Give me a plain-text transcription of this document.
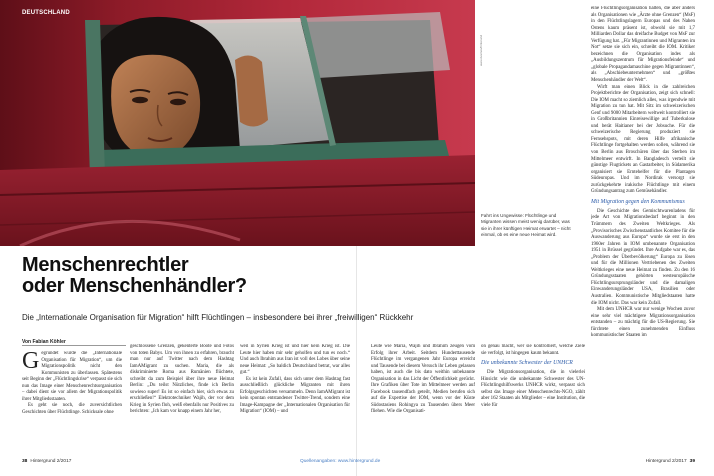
DEUTSCHLAND
www.dvamos/hinterund
Fahrt ins Ungewisse: Flüchtlinge und Migranten wissen meist wenig darüber, was sie in ihrer künftigen Heimat erwartet – nicht einmal, ob es eine neue Heimat wird.
Menschenrechtler
oder Menschenhändler?

Die „Internationale Organisation für Migration“ hilft Flüchtlingen – insbesondere bei ihrer „freiwilligen“ Rückkehr

Von Fabian Köhler

Gegründet wurde die „Internationale Organisation für Migration“, um die Migrationspolitik nicht den Kommunisten zu überlassen. Spätestens seit Beginn der „Flüchtlingskrise“ verpasst sie sich nun das Image einer Menschenrechtsorganisation – dabei dient sie vor allem der Migrationspolitik ihrer Mitgliedsstaaten.

Es geht sie noch, die zuversichtlichen Geschichten über Flüchtlinge. Schicksale ohne

geschlossene Grenzen, gekenterte Boote und Fotos von toten Babys. Um von ihnen zu erfahren, braucht man nur auf Twitter nach dem Hashtag IamAMigrant zu suchen. Maria, die als diskriminierte Roma aus Rumänien flüchtete, schreibt da zum Beispiel über ihre neue Heimat Berlin: „Du teilst Nützliches, finde ich Berlin sowieso super! Es ist so einfach hier, sich etwas zu erschließen!“ Elektrotechniker Wajih, der vor dem Krieg in Syrien floh, weiß ebenfalls nur Positives zu berichten: „Ich kam vor knapp einem Jahr her,

weil in Syrien Krieg ist und hier kein Krieg ist. Die Leute hier haben mir sehr geholfen und tun es noch.“ Und auch Ibrahim aus Iran ist voll des Lobes über seine neue Heimat: „So baldich Deutschland betrat, war alles gut.“

Es ist kein Zufall, dass sich unter dem Hashtag fast ausschließlich glückliche Migranten mit ihren Erfolgsgeschichten versammeln. Denn IamAMigrant ist kein spontan entstandener Twitter-Trend, sondern eine Image-Kampagne der „Internationalen Organisation für Migration“ (IOM) – und

Leute wie Maria, Wajih und Ibrahim zeugen vom Erfolg ihrer Arbeit. Seitdem Hunderttausende Flüchtlinge im vergangenen Jahr Europa erreicht und Tausende bei diesem Versuch ihr Leben gelassen haben, ist auch die bis dato weithin unbekannte Organisation in das Licht der Öffentlichkeit gerückt. Ihre Grafiken über Tote im Mittelmeer werden auf Facebook tausendfach geteilt, Medien berufen sich auf die Expertise der IOM, wenn vor der Küste Südostasiens Rohingya zu Tausenden übers Meer fliehen. Wie die Organisati-

on genau macht, wer sie kontrolliert, welche Ziele sie verfolgt, ist hingegen kaum bekannt.

Die unbekannte Schwester der UNHCR

Die Migrationsorganisation, die in vielerlei Hinsicht wie die unbekannte Schwester des UN-Flüchtlingshilfswerks UNHCR wirkt, verpasst sich selbst das Image einer Menschenrechts-NGO, zählt aber 162 Staaten als Mitglieder – eine Institution, die viele für

eine Flüchtlingsorganisation halten, die aber anders als Organisationen wie „Ärzte ohne Grenzen“ (MsF) in den Flüchtlingslagern Europas und des Nahen Ostens kaum präsent ist, obwohl sie mit 1,7 Milliarden Dollar das dreifache Budget von MsF zur Verfügung hat. „Für Migrantinnen und Migranten im Not“ setze sie sich ein, schreibt die IOM. Kritiker bezeichnen die Organisation indes als „Ausbildungszentrum für Migrationsfeinde“ und „globale Propagandamaschine gegen Migrantinnen“, als „Abschiebeunternehmen“ und „größtes Menschenhändler der Welt“.

Wirft man einen Blick in die zahlreichen Projektberichte der Organisation, zeigt sich schnell: Die IOM macht so ziemlich alles, was irgendwie mit Migration zu tun hat. Mit Sitz im schweizerischen Genf und 9000 Mitarbeitern weltweit kontrolliert sie in Großbritannien Einreisewillige auf Tuberkulose und berät Haitianer bei der Jobsuche. Für die schweizerische Regierung produziert sie Fernsehspots, mit deren Hilfe afrikanische Flüchtlinge fortgehalten werden sollen, während sie von Berlin aus Broschüren über das Sterben im Mittelmeer entwirft. In Bangladesch verteilt sie günstige Flugtickets an Gastarbeiter, in Südamerika organisiert sie Erntehelfer für die Plantagen Südeuropas. Und im Nordirak versorgt sie zurückgekehrte irakische Flüchtlinge mit einem Gründungsantrag zum Gemüsehändler.

Mit Migration gegen den Kommunismus

Die Geschichte des Gemischtwarenladens für jede Art von Migrationsbedarf beginnt in den Trümmern des Zweiten Weltkrieges. Als „Provisorisches Zwischenstaatliches Komitee für die Auswanderung aus Europa“ wurde sie erst in den 1960er Jahren in IOM umbenannte Organisation 1951 in Brüssel gegründet. Ihre Aufgabe war es, das „Problem der Überbevölkerung“ Europa zu lösen und für die Millionen Vertriebenen des Zweiten Weltkrieges eine neue Heimat zu finden. Zu den 16 Gründungsstaaten gehörten westeuropäische Flüchtlingsursprungsländer und die damaligen Einwanderungsländer USA, Brasilien oder Australien. Kommunistische Mitgliedstaaten hatte die IOM nicht. Das war kein Zufall.

Mit dem UNHCR war nur wenige Wochen zuvor eine sehr viel mächtigere Migrationsorganisation entstanden – zu mächtig für die US-Regierung. Sie fürchtete einen zunehmenden Einfluss kommunistischer Staaten im

38 Hintergrund 2/2017	Quellenangaben: www.hintergrund.de	Hintergrund 2/2017 39
